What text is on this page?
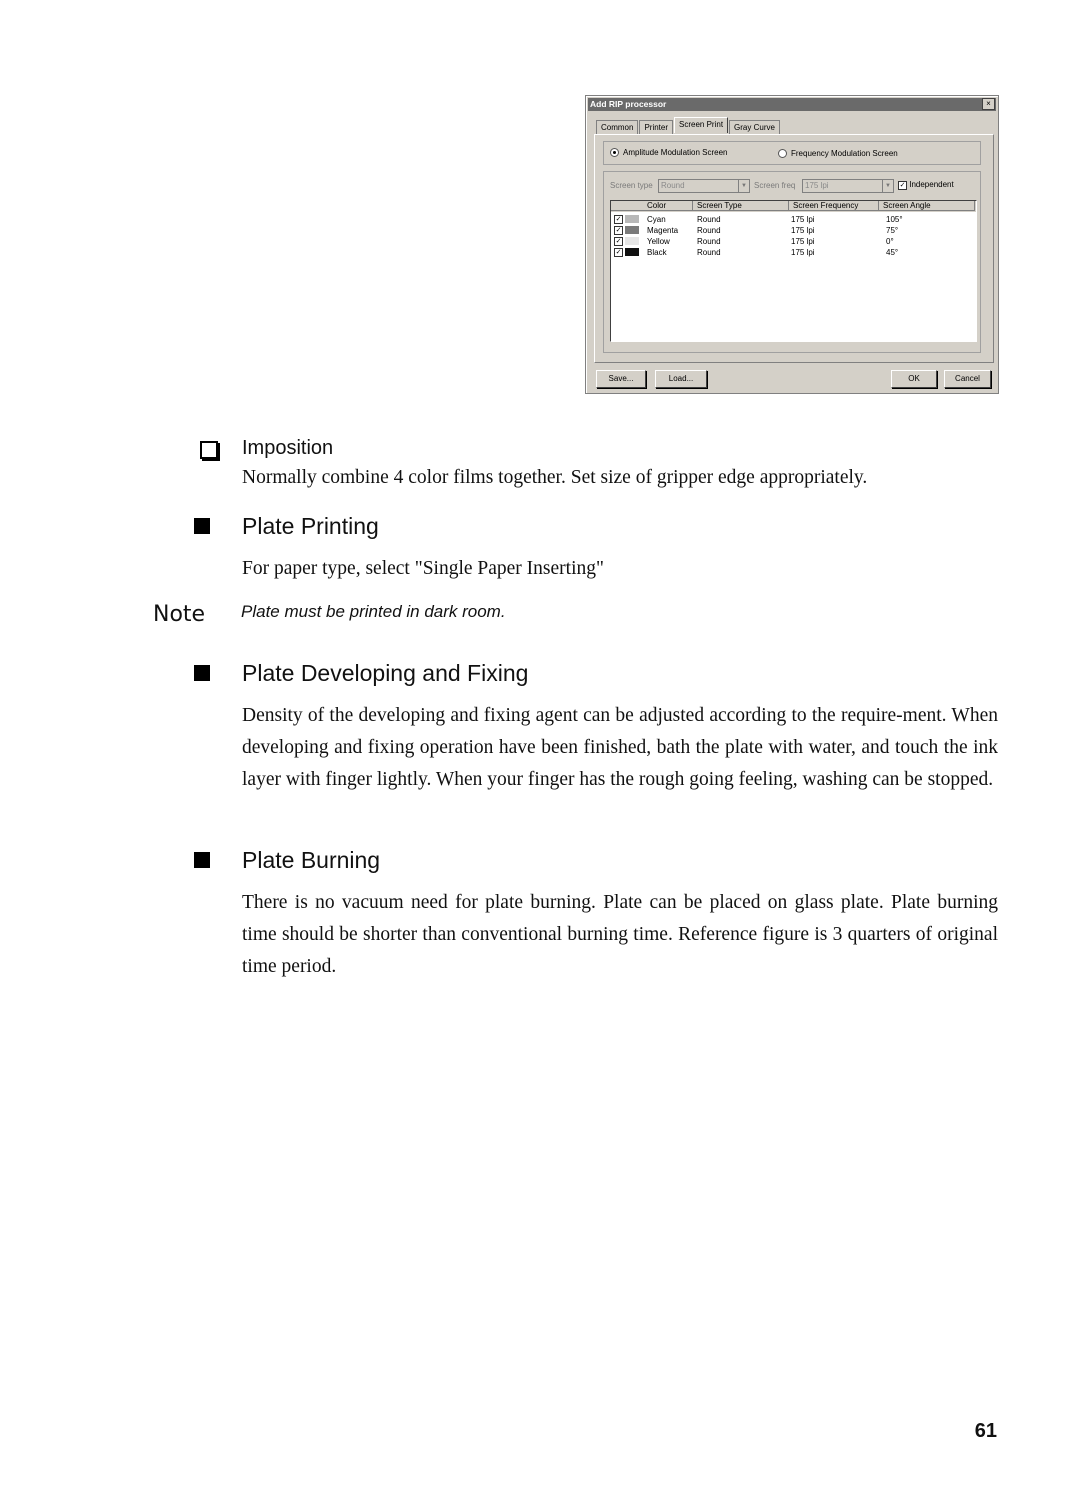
Add RIP processor	×
Common	Printer	Screen Print	Gray Curve
Amplitude Modulation Screen	Frequency Modulation Screen
Screen type	Round	▼ Screen freq	175 lpi	▼ ✓ Independent
Color	Screen Type	Screen Frequency	Screen Angle
✓	Cyan	Round	175 lpi	105°
✓	Magenta Round	175 lpi	75°
✓	Yellow	Round	175 lpi	0°
✓	Black	Round	175 lpi	45°
Save...	Load...	OK	Cancel
Imposition
Normally combine 4 color films together. Set size of gripper edge appropriately.
Plate Printing
For paper type, select "Single Paper Inserting"
Note Plate must be printed in dark room.
Plate Developing and Fixing
Density of the developing and fixing agent can be adjusted according to the require-ment. When developing and fixing operation have been finished, bath the plate with water, and touch the ink layer with finger lightly. When your finger has the rough going feeling, washing can be stopped.
Plate Burning
There is no vacuum need for plate burning. Plate can be placed on glass plate. Plate burning time should be shorter than conventional burning time. Reference figure is 3 quarters of original time period.
61
